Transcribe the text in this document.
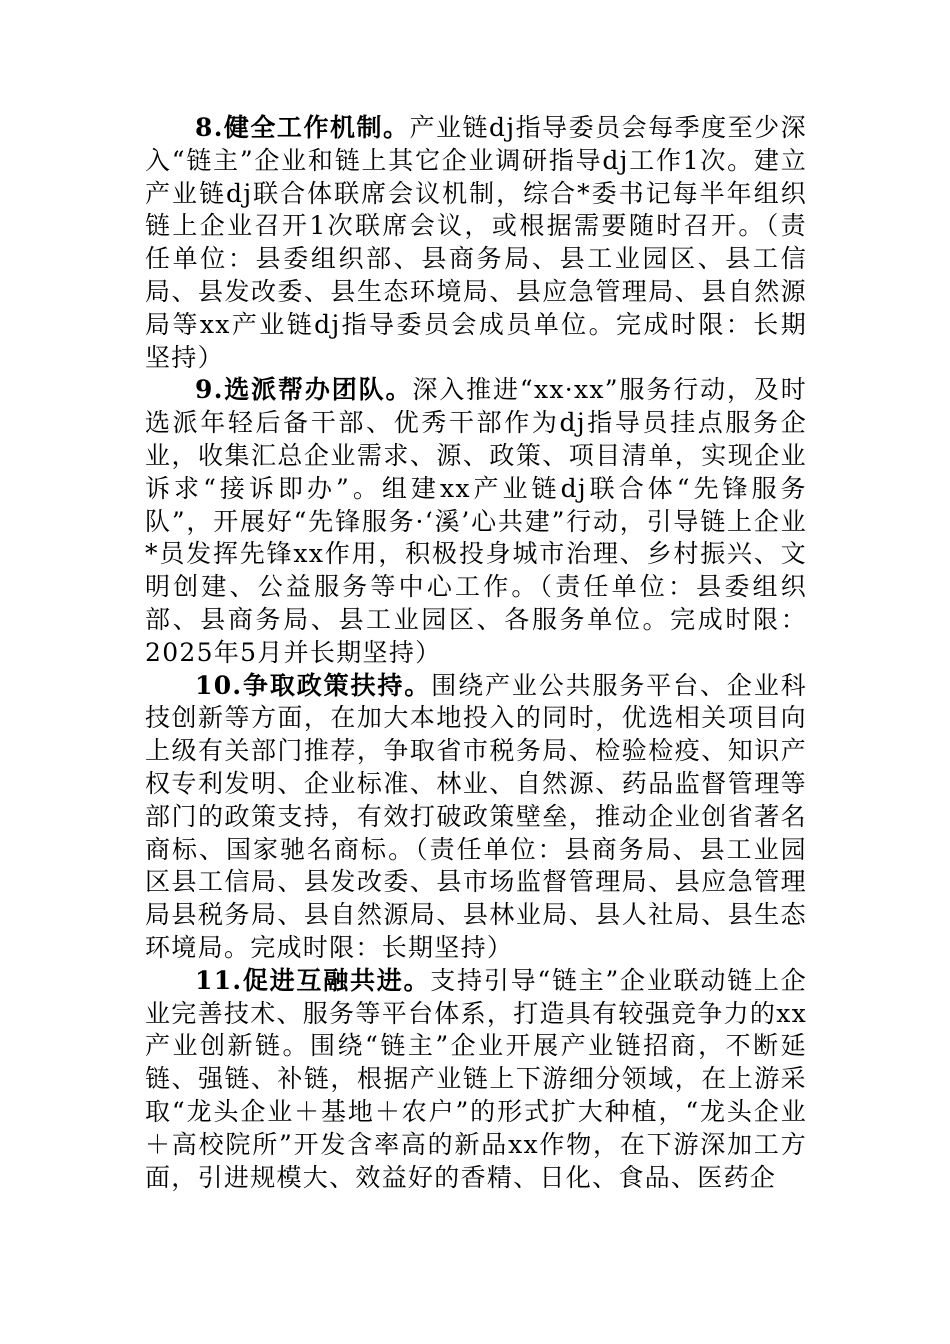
8.健全工作机制。产业链dj指导委员会每季度至少深入“链主”企业和链上其它企业调研指导dj工作1次。建立产业链dj联合体联席会议机制，综合*委书记每半年组织链上企业召开1次联席会议，或根据需要随时召开。（责任单位：县委组织部、县商务局、县工业园区、县工信局、县发改委、县生态环境局、县应急管理局、县自然源局等xx产业链dj指导委员会成员单位。完成时限：长期坚持）

9.选派帮办团队。深入推进“xx·xx”服务行动，及时选派年轻后备干部、优秀干部作为dj指导员挂点服务企业，收集汇总企业需求、源、政策、项目清单，实现企业诉求“接诉即办”。组建xx产业链dj联合体“先锋服务队”，开展好“先锋服务·‘溪’心共建”行动，引导链上企业*员发挥先锋xx作用，积极投身城市治理、乡村振兴、文明创建、公益服务等中心工作。（责任单位：县委组织部、县商务局、县工业园区、各服务单位。完成时限：2025年5月并长期坚持）

10.争取政策扶持。围绕产业公共服务平台、企业科技创新等方面，在加大本地投入的同时，优选相关项目向上级有关部门推荐，争取省市税务局、检验检疫、知识产权专利发明、企业标准、林业、自然源、药品监督管理等部门的政策支持，有效打破政策壁垒，推动企业创省著名商标、国家驰名商标。（责任单位：县商务局、县工业园区县工信局、县发改委、县市场监督管理局、县应急管理局县税务局、县自然源局、县林业局、县人社局、县生态环境局。完成时限：长期坚持）

11.促进互融共进。支持引导“链主”企业联动链上企业完善技术、服务等平台体系，打造具有较强竞争力的xx产业创新链。围绕“链主”企业开展产业链招商，不断延链、强链、补链，根据产业链上下游细分领域，在上游采取“龙头企业＋基地＋农户”的形式扩大种植，“龙头企业＋高校院所”开发含率高的新品xx作物，在下游深加工方面，引进规模大、效益好的香精、日化、食品、医药企
